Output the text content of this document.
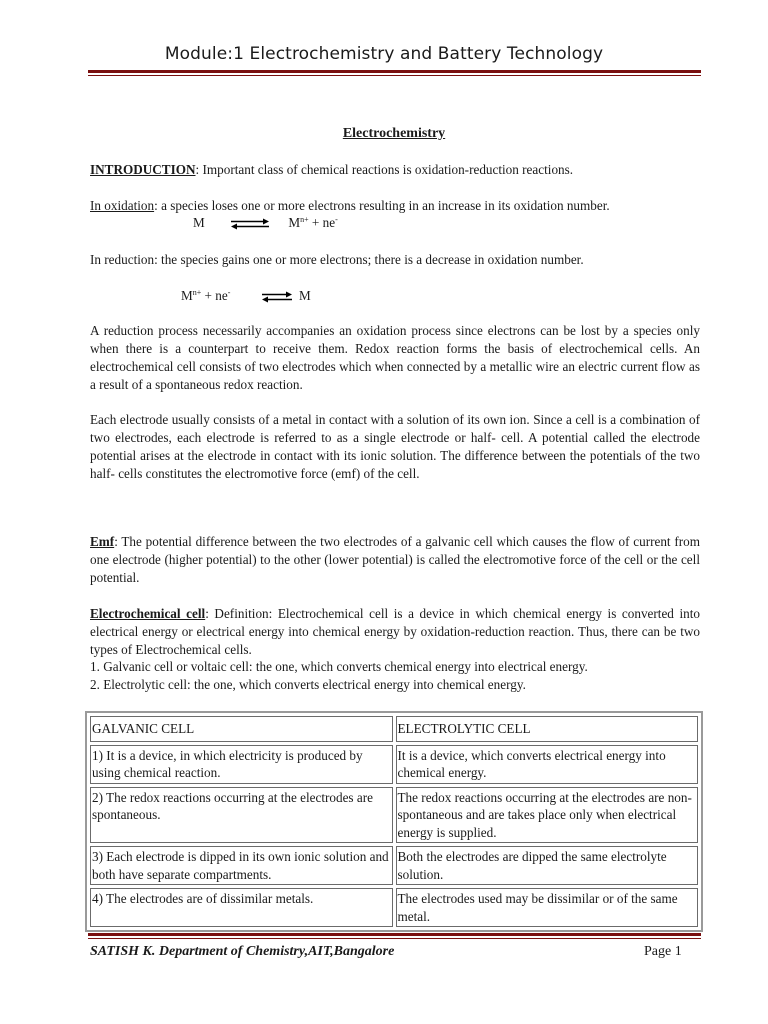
Module:1 Electrochemistry and Battery Technology
Electrochemistry
INTRODUCTION: Important class of chemical reactions is oxidation-reduction reactions.
In oxidation: a species loses one or more electrons resulting in an increase in its oxidation number.
M ⇌ $M^{n+} + ne^-$
In reduction: the species gains one or more electrons; there is a decrease in oxidation number.
$M^{n+} + ne^-$ ⇌ M
A reduction process necessarily accompanies an oxidation process since electrons can be lost by a species only when there is a counterpart to receive them. Redox reaction forms the basis of electrochemical cells. An electrochemical cell consists of two electrodes which when connected by a metallic wire an electric current flow as a result of a spontaneous redox reaction.
Each electrode usually consists of a metal in contact with a solution of its own ion. Since a cell is a combination of two electrodes, each electrode is referred to as a single electrode or half- cell. A potential called the electrode potential arises at the electrode in contact with its ionic solution. The difference between the potentials of the two half- cells constitutes the electromotive force (emf) of the cell.
Emf: The potential difference between the two electrodes of a galvanic cell which causes the flow of current from one electrode (higher potential) to the other (lower potential) is called the electromotive force of the cell or the cell potential.
Electrochemical cell: Definition: Electrochemical cell is a device in which chemical energy is converted into electrical energy or electrical energy into chemical energy by oxidation-reduction reaction. Thus, there can be two types of Electrochemical cells.
1. Galvanic cell or voltaic cell: the one, which converts chemical energy into electrical energy.
2. Electrolytic cell: the one, which converts electrical energy into chemical energy.
GALVANIC CELL	ELECTROLYTIC CELL
1) It is a device, in which electricity is produced by using chemical reaction.	It is a device, which converts electrical energy into chemical energy.
2) The redox reactions occurring at the electrodes are spontaneous.	The redox reactions occurring at the electrodes are non-spontaneous and are takes place only when electrical energy is supplied.
3) Each electrode is dipped in its own ionic solution and both have separate compartments.	Both the electrodes are dipped the same electrolyte solution.
4) The electrodes are of dissimilar metals.	The electrodes used may be dissimilar or of the same metal.
SATISH K. Department of Chemistry,AIT,Bangalore	Page 1
